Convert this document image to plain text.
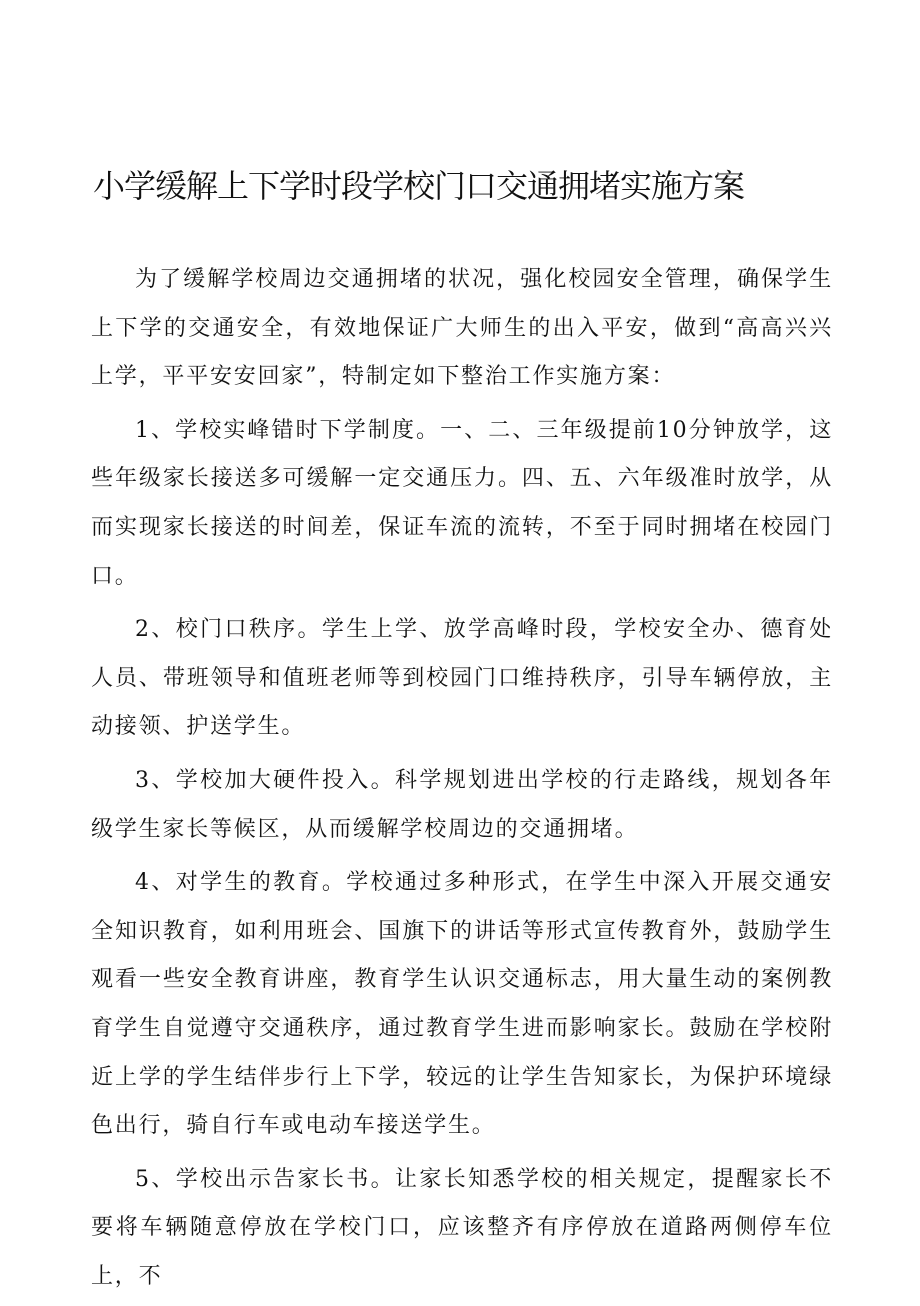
小学缓解上下学时段学校门口交通拥堵实施方案

为了缓解学校周边交通拥堵的状况，强化校园安全管理，确保学生上下学的交通安全，有效地保证广大师生的出入平安，做到“高高兴兴上学，平平安安回家”，特制定如下整治工作实施方案：

1、学校实峰错时下学制度。一、二、三年级提前10分钟放学，这些年级家长接送多可缓解一定交通压力。四、五、六年级准时放学，从而实现家长接送的时间差，保证车流的流转，不至于同时拥堵在校园门口。

2、校门口秩序。学生上学、放学高峰时段，学校安全办、德育处人员、带班领导和值班老师等到校园门口维持秩序，引导车辆停放，主动接领、护送学生。

3、学校加大硬件投入。科学规划进出学校的行走路线，规划各年级学生家长等候区，从而缓解学校周边的交通拥堵。

4、对学生的教育。学校通过多种形式，在学生中深入开展交通安全知识教育，如利用班会、国旗下的讲话等形式宣传教育外，鼓励学生观看一些安全教育讲座，教育学生认识交通标志，用大量生动的案例教育学生自觉遵守交通秩序，通过教育学生进而影响家长。鼓励在学校附近上学的学生结伴步行上下学，较远的让学生告知家长，为保护环境绿色出行，骑自行车或电动车接送学生。

5、学校出示告家长书。让家长知悉学校的相关规定，提醒家长不要将车辆随意停放在学校门口，应该整齐有序停放在道路两侧停车位上，不
